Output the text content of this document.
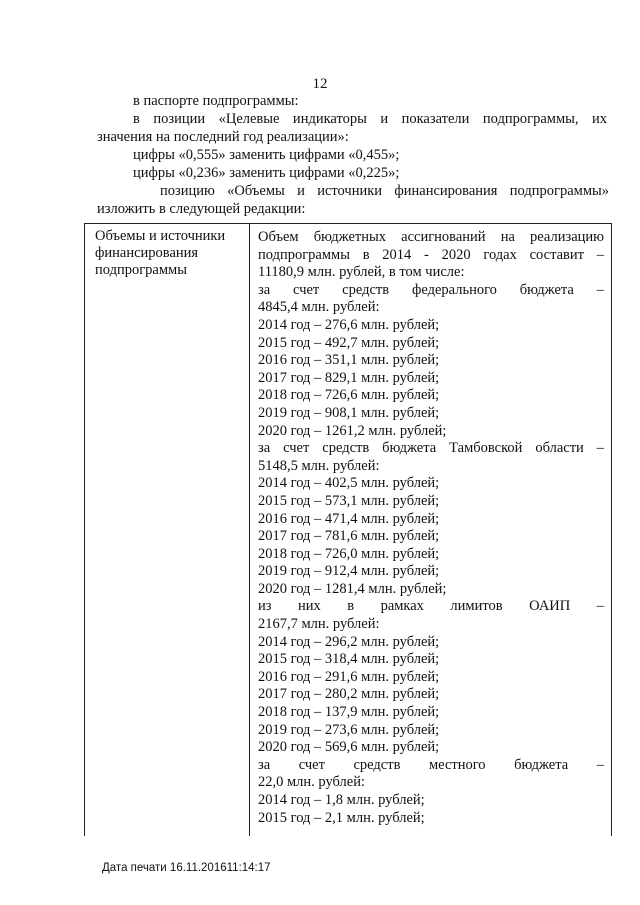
12
в паспорте подпрограммы:
в позиции «Целевые индикаторы и показатели подпрограммы, их
значения на последний год реализации»:
цифры «0,555» заменить цифрами «0,455»;
цифры «0,236» заменить цифрами «0,225»;
позицию «Объемы и источники финансирования подпрограммы»
изложить в следующей редакции:
Объемы и источники
финансирования
подпрограммы
Объем бюджетных ассигнований на реализацию
подпрограммы в 2014 - 2020 годах составит –
11180,9 млн. рублей, в том числе:
за счет средств федерального бюджета –
4845,4 млн. рублей:
2014 год – 276,6 млн. рублей;
2015 год – 492,7 млн. рублей;
2016 год – 351,1 млн. рублей;
2017 год – 829,1 млн. рублей;
2018 год – 726,6 млн. рублей;
2019 год – 908,1 млн. рублей;
2020 год – 1261,2 млн. рублей;
за счет средств бюджета Тамбовской области –
5148,5 млн. рублей:
2014 год – 402,5 млн. рублей;
2015 год – 573,1 млн. рублей;
2016 год – 471,4 млн. рублей;
2017 год – 781,6 млн. рублей;
2018 год – 726,0 млн. рублей;
2019 год – 912,4 млн. рублей;
2020 год – 1281,4 млн. рублей;
из них в рамках лимитов ОАИП –
2167,7 млн. рублей:
2014 год – 296,2 млн. рублей;
2015 год – 318,4 млн. рублей;
2016 год – 291,6 млн. рублей;
2017 год – 280,2 млн. рублей;
2018 год – 137,9 млн. рублей;
2019 год – 273,6 млн. рублей;
2020 год – 569,6 млн. рублей;
за счет средств местного бюджета –
22,0 млн. рублей:
2014 год – 1,8 млн. рублей;
2015 год – 2,1 млн. рублей;
Дата печати 16.11.201611:14:17
